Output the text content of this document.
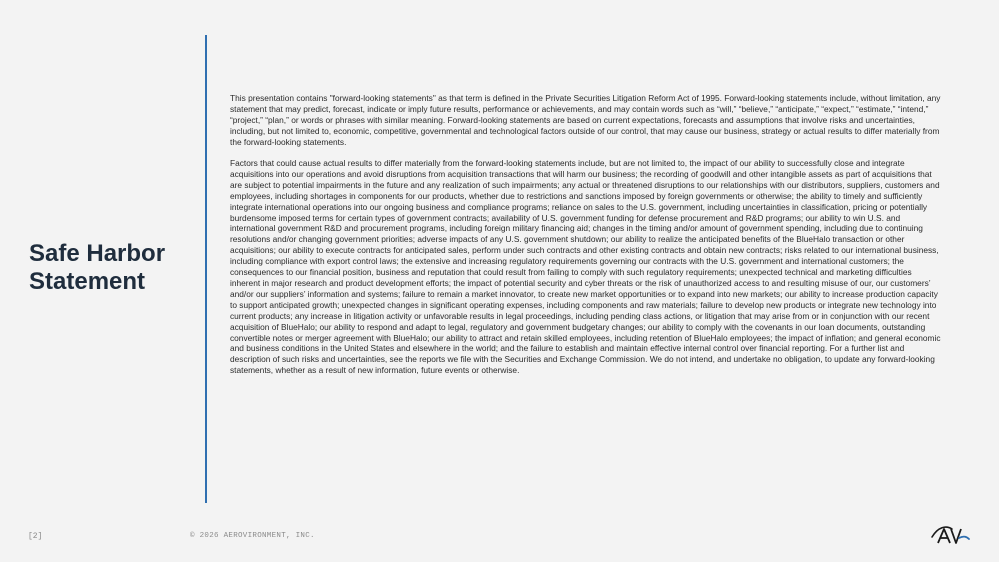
Safe Harbor Statement

This presentation contains "forward-looking statements" as that term is defined in the Private Securities Litigation Reform Act of 1995. Forward-looking statements include, without limitation, any statement that may predict, forecast, indicate or imply future results, performance or achievements, and may contain words such as “will,” “believe,” “anticipate,” “expect,” “estimate,” “intend,” “project,” “plan,” or words or phrases with similar meaning. Forward-looking statements are based on current expectations, forecasts and assumptions that involve risks and uncertainties, including, but not limited to, economic, competitive, governmental and technological factors outside of our control, that may cause our business, strategy or actual results to differ materially from the forward-looking statements.

Factors that could cause actual results to differ materially from the forward-looking statements include, but are not limited to, the impact of our ability to successfully close and integrate acquisitions into our operations and avoid disruptions from acquisition transactions that will harm our business; the recording of goodwill and other intangible assets as part of acquisitions that are subject to potential impairments in the future and any realization of such impairments; any actual or threatened disruptions to our relationships with our distributors, suppliers, customers and employees, including shortages in components for our products, whether due to restrictions and sanctions imposed by foreign governments or otherwise; the ability to timely and sufficiently integrate international operations into our ongoing business and compliance programs; reliance on sales to the U.S. government, including uncertainties in classification, pricing or potentially burdensome imposed terms for certain types of government contracts; availability of U.S. government funding for defense procurement and R&D programs; our ability to win U.S. and international government R&D and procurement programs, including foreign military financing aid; changes in the timing and/or amount of government spending, including due to continuing resolutions and/or changing government priorities; adverse impacts of any U.S. government shutdown; our ability to realize the anticipated benefits of the BlueHalo transaction or other acquisitions; our ability to execute contracts for anticipated sales, perform under such contracts and other existing contracts and obtain new contracts; risks related to our international business, including compliance with export control laws; the extensive and increasing regulatory requirements governing our contracts with the U.S. government and international customers; the consequences to our financial position, business and reputation that could result from failing to comply with such regulatory requirements; unexpected technical and marketing difficulties inherent in major research and product development efforts; the impact of potential security and cyber threats or the risk of unauthorized access to and resulting misuse of our, our customers’ and/or our suppliers’ information and systems; failure to remain a market innovator, to create new market opportunities or to expand into new markets; our ability to increase production capacity to support anticipated growth; unexpected changes in significant operating expenses, including components and raw materials; failure to develop new products or integrate new technology into current products; any increase in litigation activity or unfavorable results in legal proceedings, including pending class actions, or litigation that may arise from or in conjunction with our recent acquisition of BlueHalo; our ability to respond and adapt to legal, regulatory and government budgetary changes; our ability to comply with the covenants in our loan documents, outstanding convertible notes or merger agreement with BlueHalo; our ability to attract and retain skilled employees, including retention of BlueHalo employees; the impact of inflation; and general economic and business conditions in the United States and elsewhere in the world; and the failure to establish and maintain effective internal control over financial reporting. For a further list and description of such risks and uncertainties, see the reports we file with the Securities and Exchange Commission. We do not intend, and undertake no obligation, to update any forward-looking statements, whether as a result of new information, future events or otherwise.

[2]	© 2026 AEROVIRONMENT, INC.
